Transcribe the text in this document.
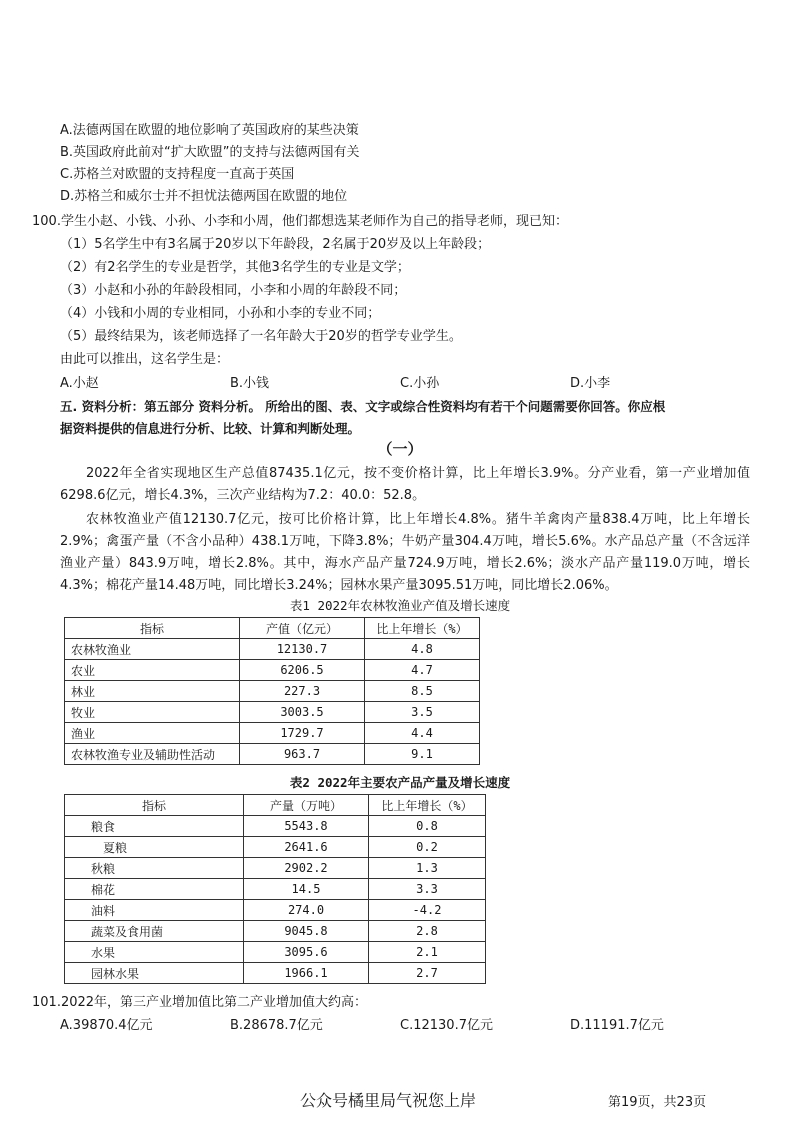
A.法德两国在欧盟的地位影响了英国政府的某些决策
B.英国政府此前对“扩大欧盟”的支持与法德两国有关
C.苏格兰对欧盟的支持程度一直高于英国
D.苏格兰和威尔士并不担忧法德两国在欧盟的地位
100.学生小赵、小钱、小孙、小李和小周，他们都想选某老师作为自己的指导老师，现已知：
（1）5名学生中有3名属于20岁以下年龄段，2名属于20岁及以上年龄段；
（2）有2名学生的专业是哲学，其他3名学生的专业是文学；
（3）小赵和小孙的年龄段相同，小李和小周的年龄段不同；
（4）小钱和小周的专业相同，小孙和小李的专业不同；
（5）最终结果为，该老师选择了一名年龄大于20岁的哲学专业学生。
由此可以推出，这名学生是：
A.小赵	B.小钱	C.小孙	D.小李
五. 资料分析：第五部分 资料分析。 所给出的图、表、文字或综合性资料均有若干个问题需要你回答。你应根
据资料提供的信息进行分析、比较、计算和判断处理。
（一）
2022年全省实现地区生产总值87435.1亿元，按不变价格计算，比上年增长3.9%。分产业看，第一产业增加值6298.6亿元，增长4.3%，三次产业结构为7.2：40.0：52.8。
农林牧渔业产值12130.7亿元，按可比价格计算，比上年增长4.8%。猪牛羊禽肉产量838.4万吨，比上年增长2.9%；禽蛋产量（不含小品种）438.1万吨，下降3.8%；牛奶产量304.4万吨，增长5.6%。水产品总产量（不含远洋渔业产量）843.9万吨，增长2.8%。其中，海水产品产量724.9万吨，增长2.6%；淡水产品产量119.0万吨，增长4.3%；棉花产量14.48万吨，同比增长3.24%；园林水果产量3095.51万吨，同比增长2.06%。
表1 2022年农林牧渔业产值及增长速度
指标	产值（亿元）	比上年增长（%）
农林牧渔业	12130.7	4.8
农业	6206.5	4.7
林业	227.3	8.5
牧业	3003.5	3.5
渔业	1729.7	4.4
农林牧渔专业及辅助性活动	963.7	9.1
表2 2022年主要农产品产量及增长速度
指标	产量（万吨）	比上年增长（%）
粮食	5543.8	0.8
夏粮	2641.6	0.2
秋粮	2902.2	1.3
棉花	14.5	3.3
油料	274.0	-4.2
蔬菜及食用菌	9045.8	2.8
水果	3095.6	2.1
园林水果	1966.1	2.7
101.2022年，第三产业增加值比第二产业增加值大约高：
A.39870.4亿元	B.28678.7亿元	C.12130.7亿元	D.11191.7亿元
公众号橘里局气祝您上岸	第19页，共23页
